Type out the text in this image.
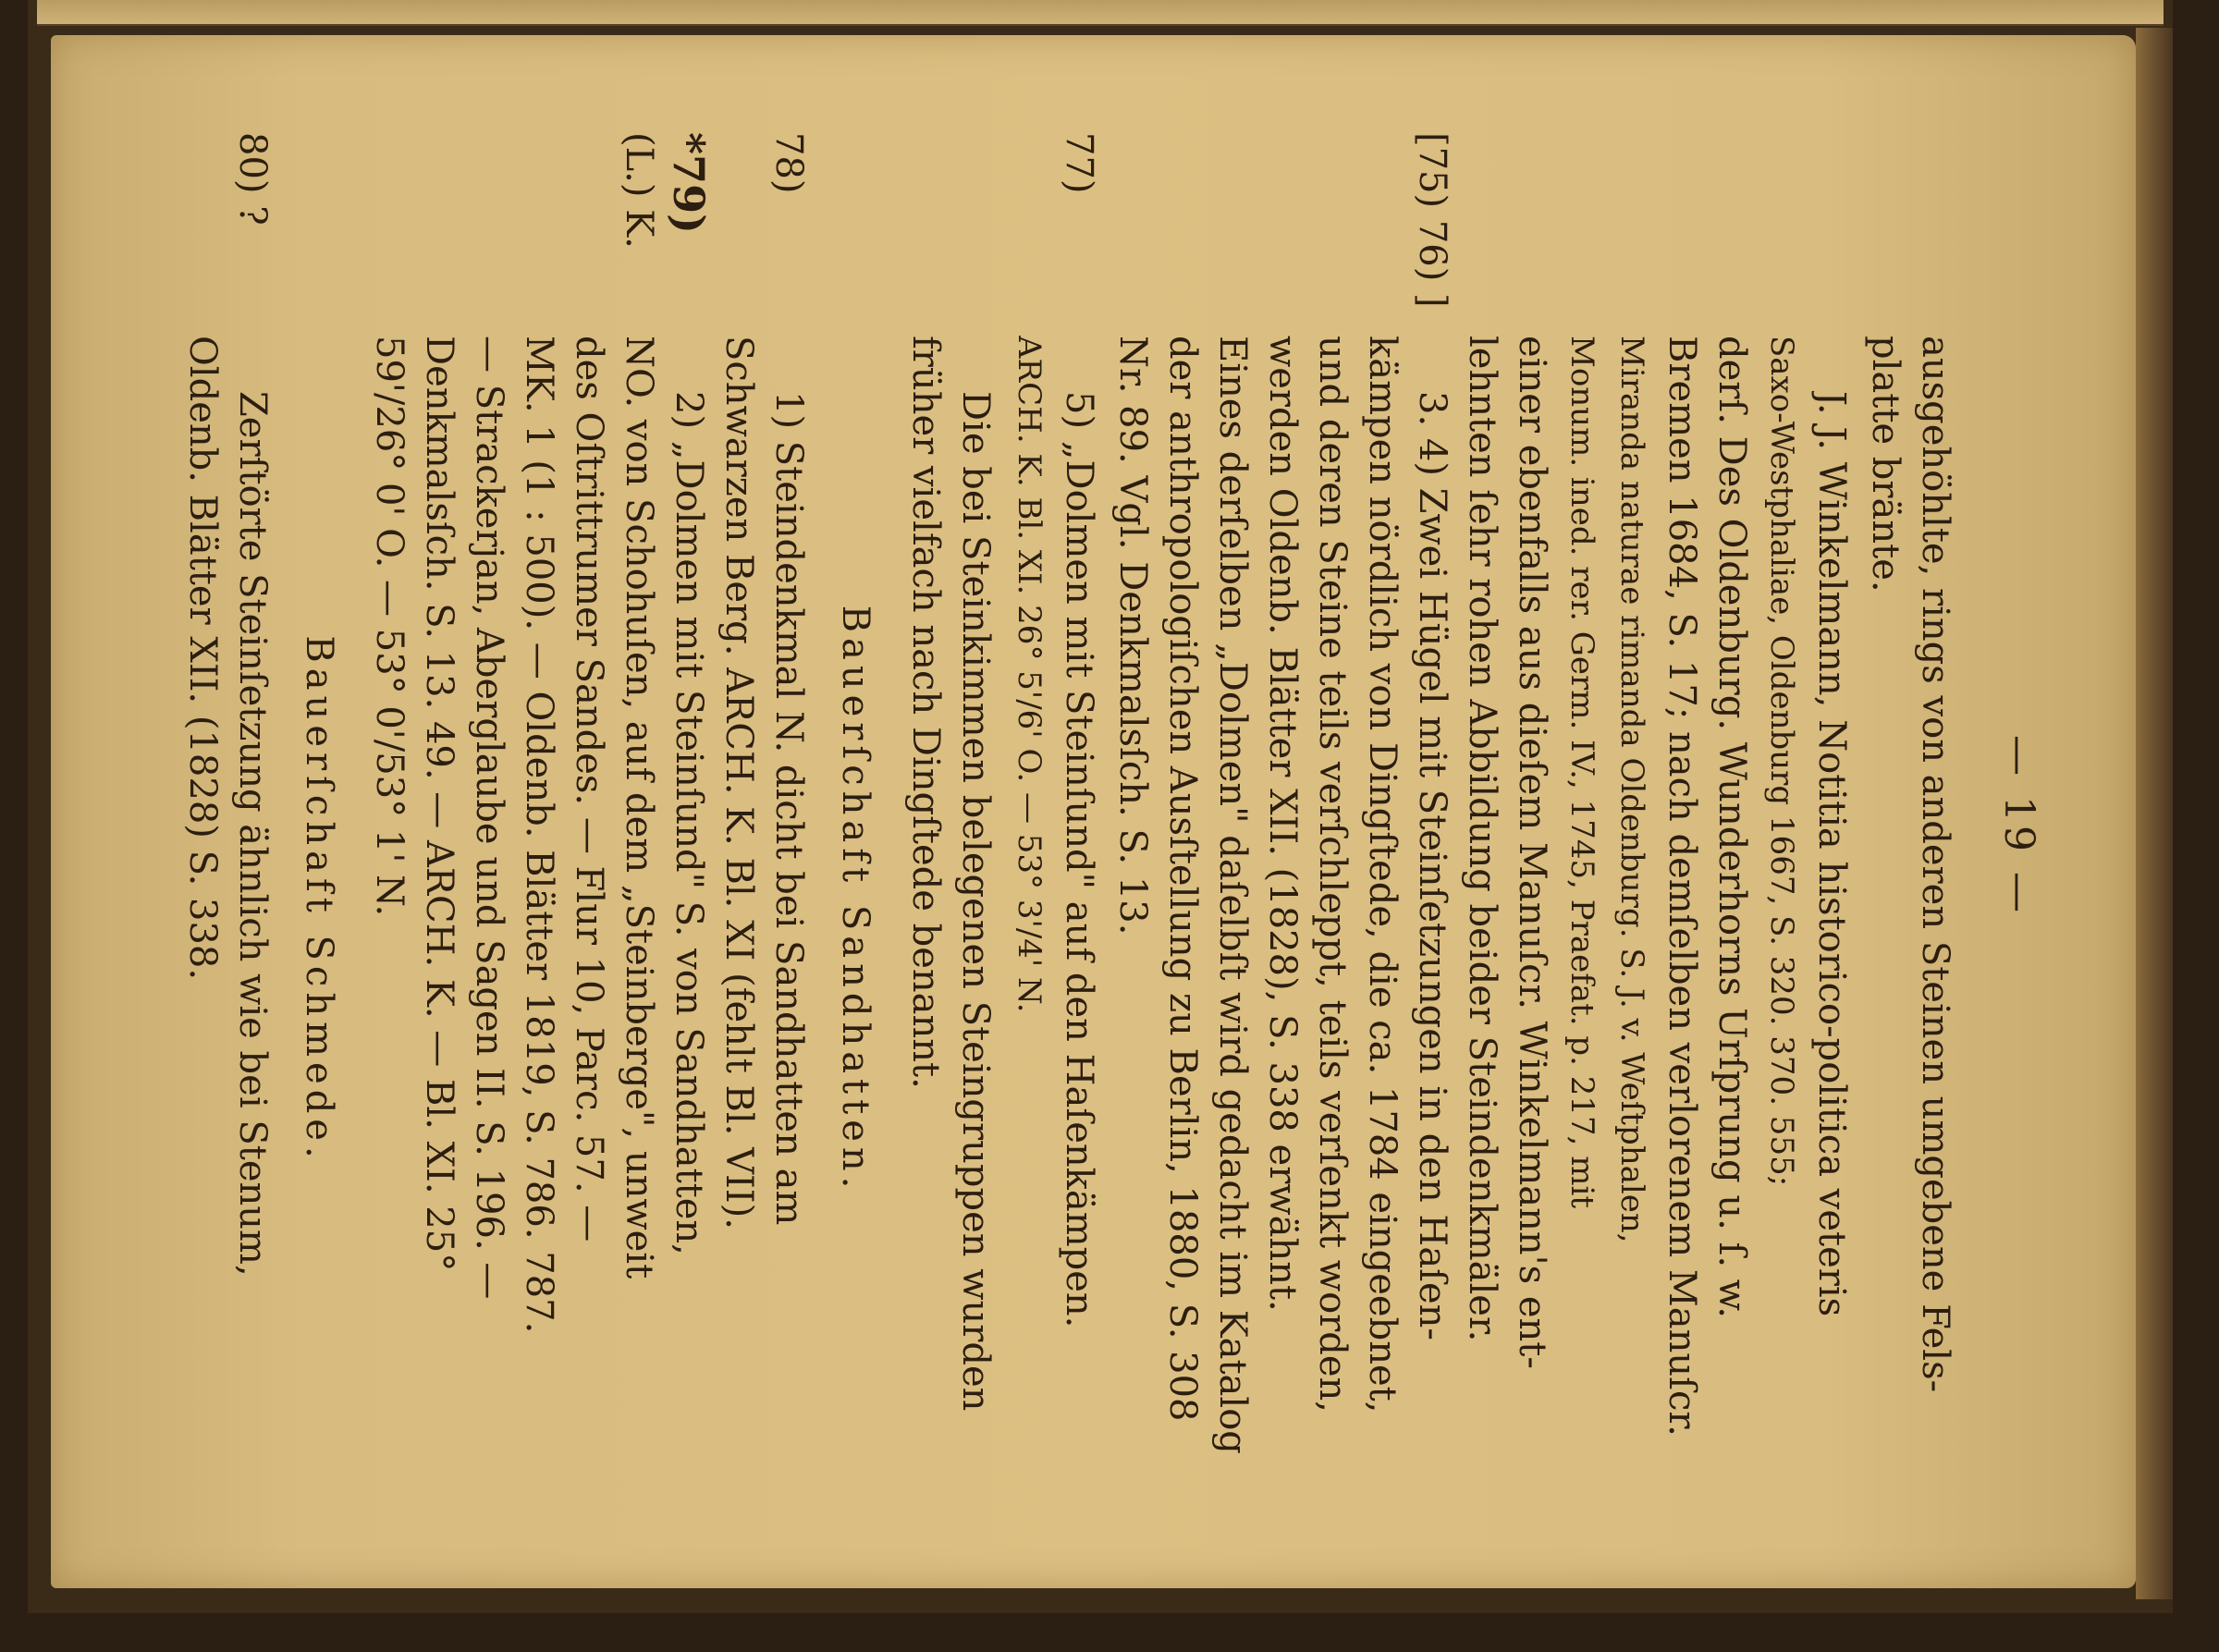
— 19 —
ausgehöhlte, rings von anderen Steinen umgebene Fels-
platte bränte.
J. J. Winkelmann, Notitia historico-politica veteris
Saxo-Westphaliae, Oldenburg 1667, S. 320. 370. 555;
derſ. Des Oldenburg. Wunderhorns Urſprung u. ſ. w.
Bremen 1684, S. 17; nach demſelben verlorenem Manuſcr.
Miranda naturae rimanda Oldenburg. S. J. v. Weſtphalen,
Monum. ined. rer. Germ. IV., 1745, Praefat. p. 217, mit
einer ebenfalls aus dieſem Manuſcr. Winkelmann's ent-
lehnten ſehr rohen Abbildung beider Steindenkmäler.
[75) 76) ]
3. 4) Zwei Hügel mit Steinſetzungen in den Haſen-
kämpen nördlich von Dingſtede, die ca. 1784 eingeebnet,
und deren Steine teils verſchleppt, teils verſenkt worden,
werden Oldenb. Blätter XII. (1828), S. 338 erwähnt.
Eines derſelben „Dolmen" daſelbſt wird gedacht im Katalog
der anthropologiſchen Ausſtellung zu Berlin, 1880, S. 308
Nr. 89. Vgl. Denkmalsſch. S. 13.
77)
5) „Dolmen mit Steinſund" auf den Haſenkämpen.
ARCH. K. Bl. XI. 26° 5'/6' O. — 53° 3'/4' N.
Die bei Steinkimmen belegenen Steingruppen wurden
früher vielfach nach Dingſtede benannt.
Bauerſchaft Sandhatten.
78)
1) Steindenkmal N. dicht bei Sandhatten am
Schwarzen Berg. ARCH. K. Bl. XI (fehlt Bl. VII).
*79)
2) „Dolmen mit Steinſund" S. von Sandhatten,
(L.) K.
NO. von Schohuſen, auf dem „Steinberge", unweit
des Oſtrittrumer Sandes. — Flur 10, Parc. 57. —
MK. 1 (1 : 500). — Oldenb. Blätter 1819, S. 786. 787.
— Strackerjan, Aberglaube und Sagen II. S. 196. —
Denkmalsſch. S. 13. 49. — ARCH. K. — Bl. XI. 25°
59'/26° 0' O. — 53° 0'/53° 1' N.
Bauerſchaft Schmede.
80) ?
Zerſtörte Steinſetzung ähnlich wie bei Stenum,
Oldenb. Blätter XII. (1828) S. 338.
